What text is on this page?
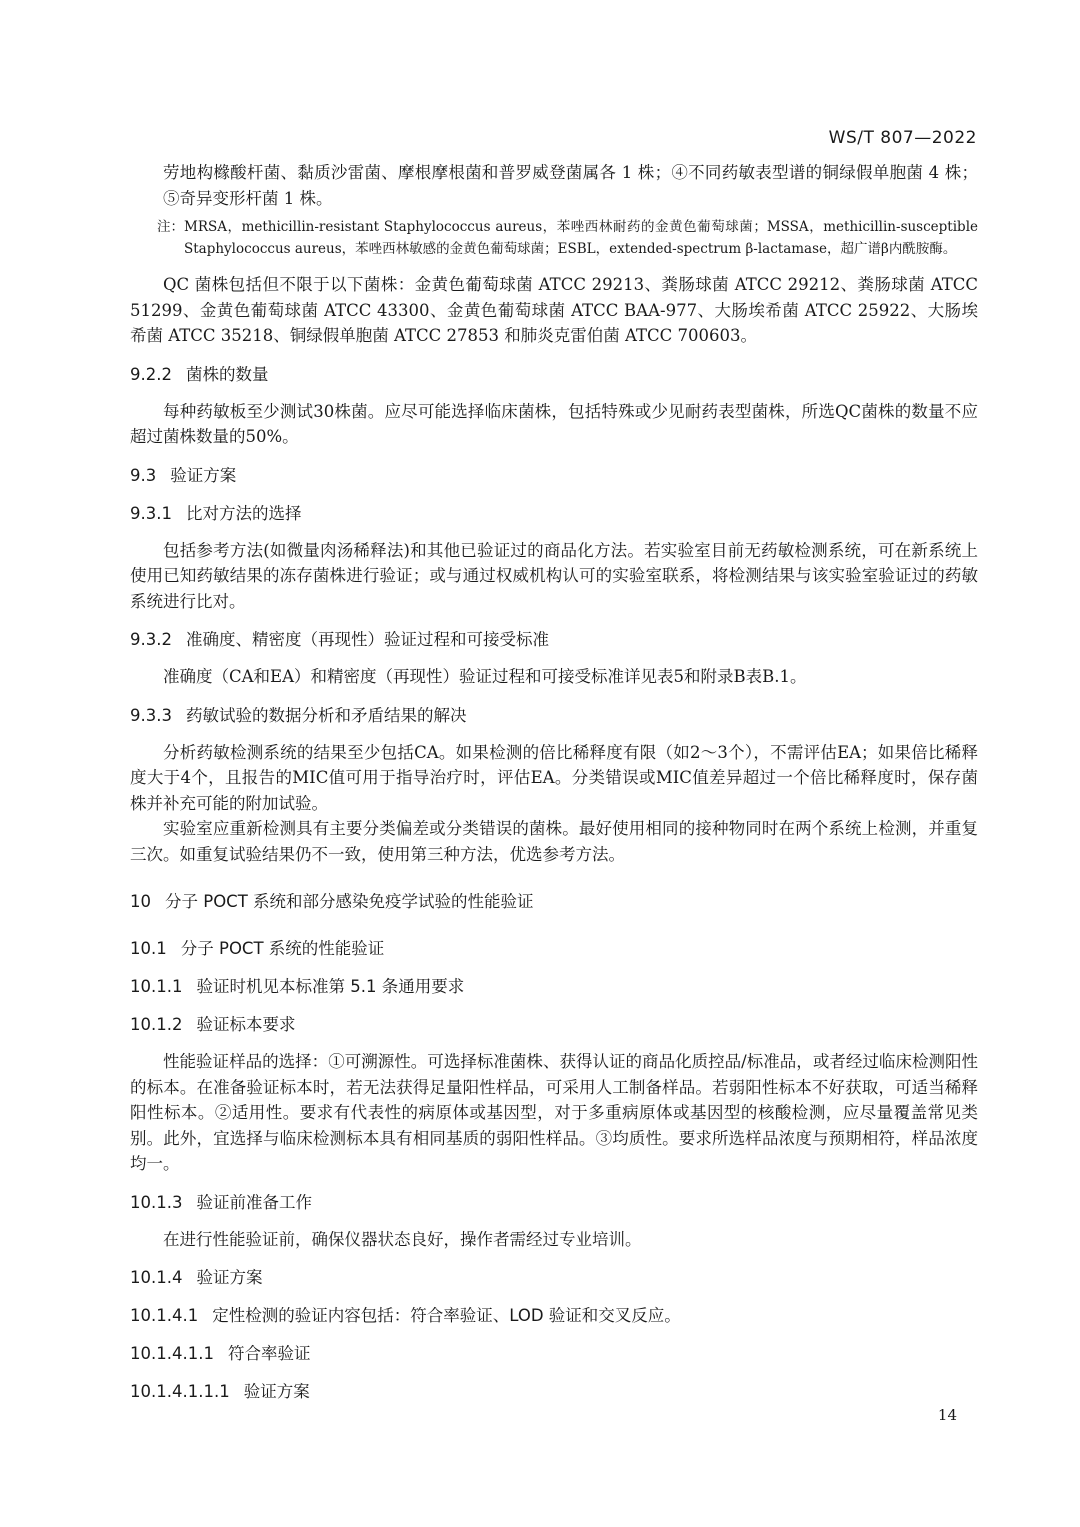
WS/T 807—2022

劳地构橼酸杆菌、黏质沙雷菌、摩根摩根菌和普罗威登菌属各 1 株；④不同药敏表型谱的铜绿假单胞菌 4 株；⑤奇异变形杆菌 1 株。

注： MRSA，methicillin-resistant Staphylococcus aureus，苯唑西林耐药的金黄色葡萄球菌；MSSA，methicillin-susceptible Staphylococcus aureus，苯唑西林敏感的金黄色葡萄球菌；ESBL，extended-spectrum β-lactamase，超广谱β内酰胺酶。

QC 菌株包括但不限于以下菌株：金黄色葡萄球菌 ATCC 29213、粪肠球菌 ATCC 29212、粪肠球菌 ATCC 51299、金黄色葡萄球菌 ATCC 43300、金黄色葡萄球菌 ATCC BAA-977、大肠埃希菌 ATCC 25922、大肠埃希菌 ATCC 35218、铜绿假单胞菌 ATCC 27853 和肺炎克雷伯菌 ATCC 700603。

9.2.2 菌株的数量

每种药敏板至少测试30株菌。应尽可能选择临床菌株，包括特殊或少见耐药表型菌株，所选QC菌株的数量不应超过菌株数量的50%。

9.3 验证方案
9.3.1 比对方法的选择

包括参考方法(如微量肉汤稀释法)和其他已验证过的商品化方法。若实验室目前无药敏检测系统，可在新系统上使用已知药敏结果的冻存菌株进行验证；或与通过权威机构认可的实验室联系，将检测结果与该实验室验证过的药敏系统进行比对。

9.3.2 准确度、精密度（再现性）验证过程和可接受标准

准确度（CA和EA）和精密度（再现性）验证过程和可接受标准详见表5和附录B表B.1。

9.3.3 药敏试验的数据分析和矛盾结果的解决

分析药敏检测系统的结果至少包括CA。如果检测的倍比稀释度有限（如2～3个），不需评估EA；如果倍比稀释度大于4个，且报告的MIC值可用于指导治疗时，评估EA。分类错误或MIC值差异超过一个倍比稀释度时，保存菌株并补充可能的附加试验。

实验室应重新检测具有主要分类偏差或分类错误的菌株。最好使用相同的接种物同时在两个系统上检测，并重复三次。如重复试验结果仍不一致，使用第三种方法，优选参考方法。

10 分子 POCT 系统和部分感染免疫学试验的性能验证
10.1 分子 POCT 系统的性能验证
10.1.1 验证时机见本标准第 5.1 条通用要求
10.1.2 验证标本要求

性能验证样品的选择：①可溯源性。可选择标准菌株、获得认证的商品化质控品/标准品，或者经过临床检测阳性的标本。在准备验证标本时，若无法获得足量阳性样品，可采用人工制备样品。若弱阳性标本不好获取，可适当稀释阳性标本。②适用性。要求有代表性的病原体或基因型，对于多重病原体或基因型的核酸检测，应尽量覆盖常见类别。此外，宜选择与临床检测标本具有相同基质的弱阳性样品。③均质性。要求所选样品浓度与预期相符，样品浓度均一。

10.1.3 验证前准备工作

在进行性能验证前，确保仪器状态良好，操作者需经过专业培训。

10.1.4 验证方案
10.1.4.1 定性检测的验证内容包括：符合率验证、LOD 验证和交叉反应。
10.1.4.1.1 符合率验证
10.1.4.1.1.1 验证方案
14
